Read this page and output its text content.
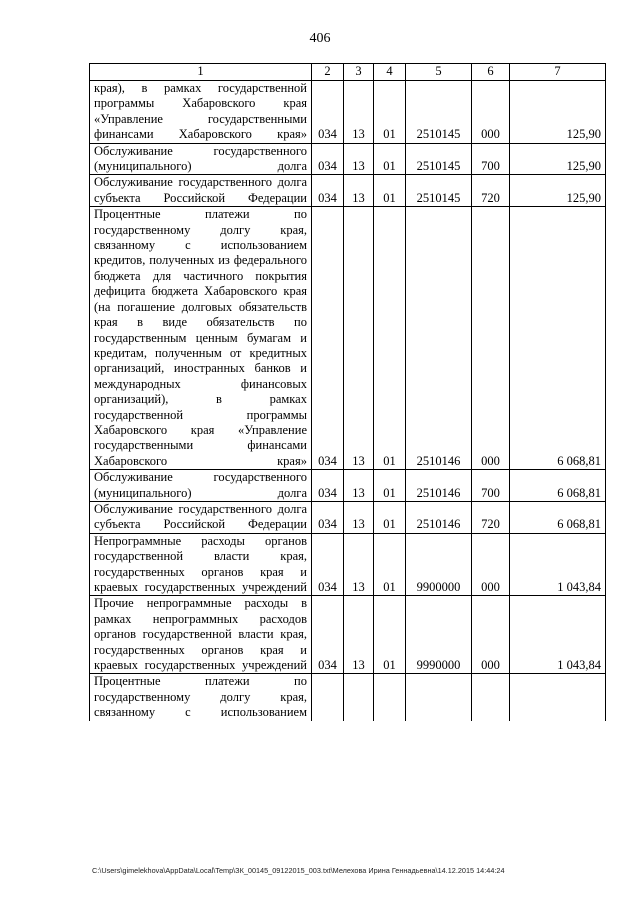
406
1	2	3	4	5	6	7

края), в рамках государственной программы Хабаровского края «Управление государственными финансами Хабаровского края»	034	13	01	2510145	000	125,90

Обслуживание государственного (муниципального) долга	034	13	01	2510145	700	125,90

Обслуживание государственного долга субъекта Российской Федерации	034	13	01	2510145	720	125,90

Процентные платежи по государственному долгу края, связанному с использованием кредитов, полученных из федерального бюджета для частичного покрытия дефицита бюджета Хабаровского края (на погашение долговых обязательств края в виде обязательств по государственным ценным бумагам и кредитам, полученным от кредитных организаций, иностранных банков и международных финансовых организаций), в рамках государственной программы Хабаровского края «Управление государственными финансами Хабаровского края»	034	13	01	2510146	000	6 068,81

Обслуживание государственного (муниципального) долга	034	13	01	2510146	700	6 068,81

Обслуживание государственного долга субъекта Российской Федерации	034	13	01	2510146	720	6 068,81

Непрограммные расходы органов государственной власти края, государственных органов края и краевых государственных учреждений	034	13	01	9900000	000	1 043,84

Прочие непрограммные расходы в рамках непрограммных расходов органов государственной власти края, государственных органов края и краевых государственных учреждений	034	13	01	9990000	000	1 043,84

Процентные платежи по государственному долгу края, связанному с использованием						

C:\Users\gimelekhova\AppData\Local\Temp\ЗК_00145_09122015_003.txt\Мелехова Ирина Геннадьевна\14.12.2015 14:44:24
